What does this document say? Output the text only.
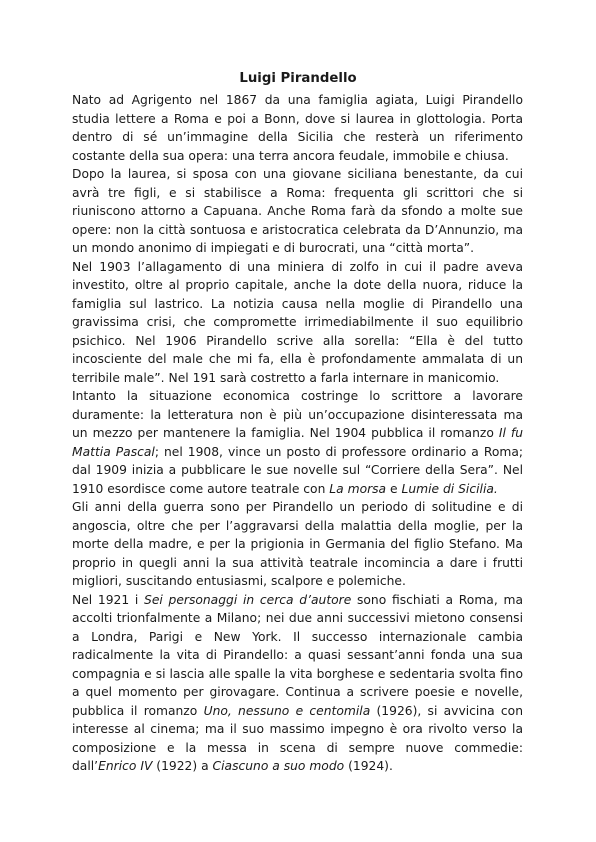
Luigi Pirandello

Nato ad Agrigento nel 1867 da una famiglia agiata, Luigi Pirandello studia lettere a Roma e poi a Bonn, dove si laurea in glottologia. Porta dentro di sé un’immagine della Sicilia che resterà un riferimento costante della sua opera: una terra ancora feudale, immobile e chiusa.

Dopo la laurea, si sposa con una giovane siciliana benestante, da cui avrà tre figli, e si stabilisce a Roma: frequenta gli scrittori che si riuniscono attorno a Capuana. Anche Roma farà da sfondo a molte sue opere: non la città sontuosa e aristocratica celebrata da D’Annunzio, ma un mondo anonimo di impiegati e di burocrati, una “città morta”.

Nel 1903 l’allagamento di una miniera di zolfo in cui il padre aveva investito, oltre al proprio capitale, anche la dote della nuora, riduce la famiglia sul lastrico. La notizia causa nella moglie di Pirandello una gravissima crisi, che compromette irrimediabilmente il suo equilibrio psichico. Nel 1906 Pirandello scrive alla sorella: “Ella è del tutto incosciente del male che mi fa, ella è profondamente ammalata di un terribile male”. Nel 191 sarà costretto a farla internare in manicomio.

Intanto la situazione economica costringe lo scrittore a lavorare duramente: la letteratura non è più un’occupazione disinteressata ma un mezzo per mantenere la famiglia. Nel 1904 pubblica il romanzo Il fu Mattia Pascal; nel 1908, vince un posto di professore ordinario a Roma; dal 1909 inizia a pubblicare le sue novelle sul “Corriere della Sera”. Nel 1910 esordisce come autore teatrale con La morsa e Lumie di Sicilia.

Gli anni della guerra sono per Pirandello un periodo di solitudine e di angoscia, oltre che per l’aggravarsi della malattia della moglie, per la morte della madre, e per la prigionia in Germania del figlio Stefano. Ma proprio in quegli anni la sua attività teatrale incomincia a dare i frutti migliori, suscitando entusiasmi, scalpore e polemiche.

Nel 1921 i Sei personaggi in cerca d’autore sono fischiati a Roma, ma accolti trionfalmente a Milano; nei due anni successivi mietono consensi a Londra, Parigi e New York. Il successo internazionale cambia radicalmente la vita di Pirandello: a quasi sessant’anni fonda una sua compagnia e si lascia alle spalle la vita borghese e sedentaria svolta fino a quel momento per girovagare. Continua a scrivere poesie e novelle, pubblica il romanzo Uno, nessuno e centomila (1926), si avvicina con interesse al cinema; ma il suo massimo impegno è ora rivolto verso la composizione e la messa in scena di sempre nuove commedie: dall’Enrico IV (1922) a Ciascuno a suo modo (1924).
